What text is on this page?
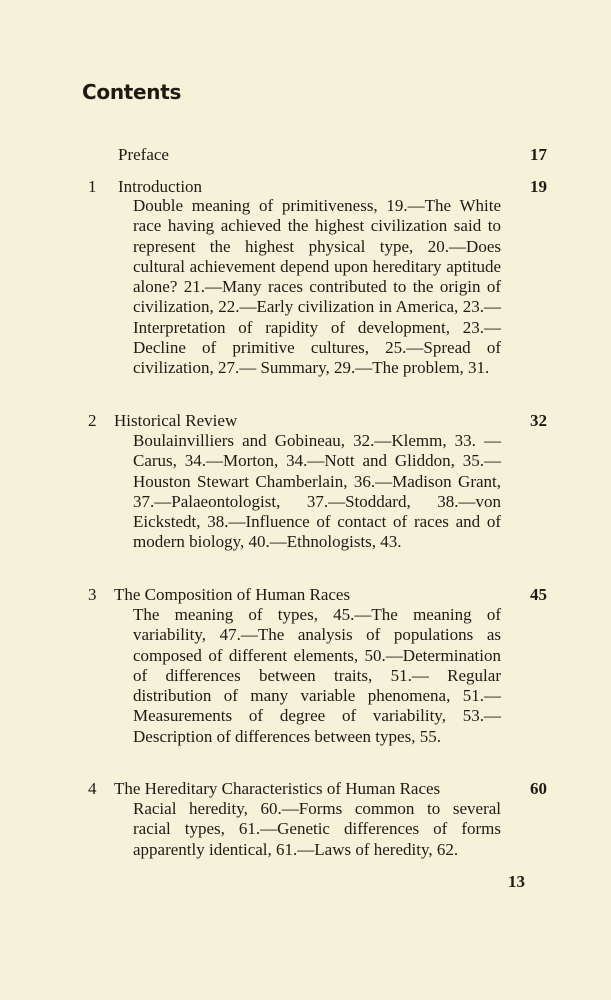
Contents
Preface	17
1 Introduction	19
Double meaning of primitiveness, 19.—The White race having achieved the highest civilization said to represent the highest physical type, 20.—Does cultural achievement depend upon hereditary aptitude alone? 21.—Many races contributed to the origin of civilization, 22.—Early civilization in America, 23.—Interpretation of rapidity of development, 23.—Decline of primitive cultures, 25.—Spread of civilization, 27.— Summary, 29.—The problem, 31.
2 Historical Review	32
Boulainvilliers and Gobineau, 32.—Klemm, 33. —Carus, 34.—Morton, 34.—Nott and Gliddon, 35.—Houston Stewart Chamberlain, 36.—Madison Grant, 37.—Palaeontologist, 37.—Stoddard, 38.—von Eickstedt, 38.—Influence of contact of races and of modern biology, 40.—Ethnologists, 43.
3 The Composition of Human Races	45
The meaning of types, 45.—The meaning of variability, 47.—The analysis of populations as composed of different elements, 50.—Determination of differences between traits, 51.— Regular distribution of many variable phenomena, 51.—Measurements of degree of variability, 53.—Description of differences between types, 55.
4 The Hereditary Characteristics of Human Races	60
Racial heredity, 60.—Forms common to several racial types, 61.—Genetic differences of forms apparently identical, 61.—Laws of heredity, 62.
13
